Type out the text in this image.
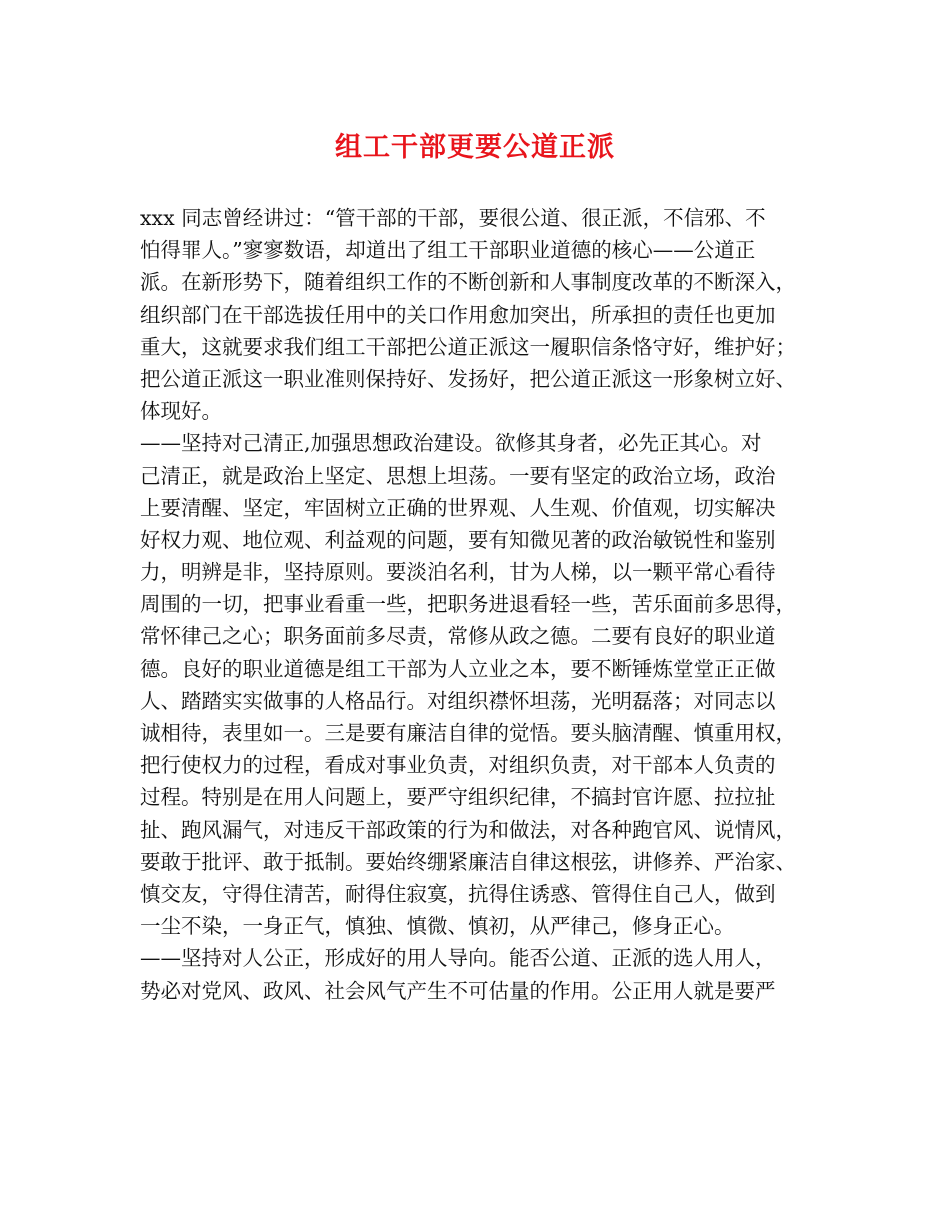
组工干部更要公道正派
xxx 同志曾经讲过：“管干部的干部，要很公道、很正派，不信邪、不
怕得罪人。”寥寥数语，却道出了组工干部职业道德的核心——公道正
派。在新形势下，随着组织工作的不断创新和人事制度改革的不断深入，
组织部门在干部选拔任用中的关口作用愈加突出，所承担的责任也更加
重大，这就要求我们组工干部把公道正派这一履职信条恪守好，维护好；
把公道正派这一职业准则保持好、发扬好，把公道正派这一形象树立好、
体现好。
——坚持对己清正,加强思想政治建设。欲修其身者，必先正其心。对
己清正，就是政治上坚定、思想上坦荡。一要有坚定的政治立场，政治
上要清醒、坚定，牢固树立正确的世界观、人生观、价值观，切实解决
好权力观、地位观、利益观的问题，要有知微见著的政治敏锐性和鉴别
力，明辨是非，坚持原则。要淡泊名利，甘为人梯，以一颗平常心看待
周围的一切，把事业看重一些，把职务进退看轻一些，苦乐面前多思得，
常怀律己之心；职务面前多尽责，常修从政之德。二要有良好的职业道
德。良好的职业道德是组工干部为人立业之本，要不断锤炼堂堂正正做
人、踏踏实实做事的人格品行。对组织襟怀坦荡，光明磊落；对同志以
诚相待，表里如一。三是要有廉洁自律的觉悟。要头脑清醒、慎重用权，
把行使权力的过程，看成对事业负责，对组织负责，对干部本人负责的
过程。特别是在用人问题上，要严守组织纪律，不搞封官许愿、拉拉扯
扯、跑风漏气，对违反干部政策的行为和做法，对各种跑官风、说情风，
要敢于批评、敢于抵制。要始终绷紧廉洁自律这根弦，讲修养、严治家、
慎交友，守得住清苦，耐得住寂寞，抗得住诱惑、管得住自己人，做到
一尘不染，一身正气，慎独、慎微、慎初，从严律己，修身正心。
——坚持对人公正，形成好的用人导向。能否公道、正派的选人用人，
势必对党风、政风、社会风气产生不可估量的作用。公正用人就是要严
